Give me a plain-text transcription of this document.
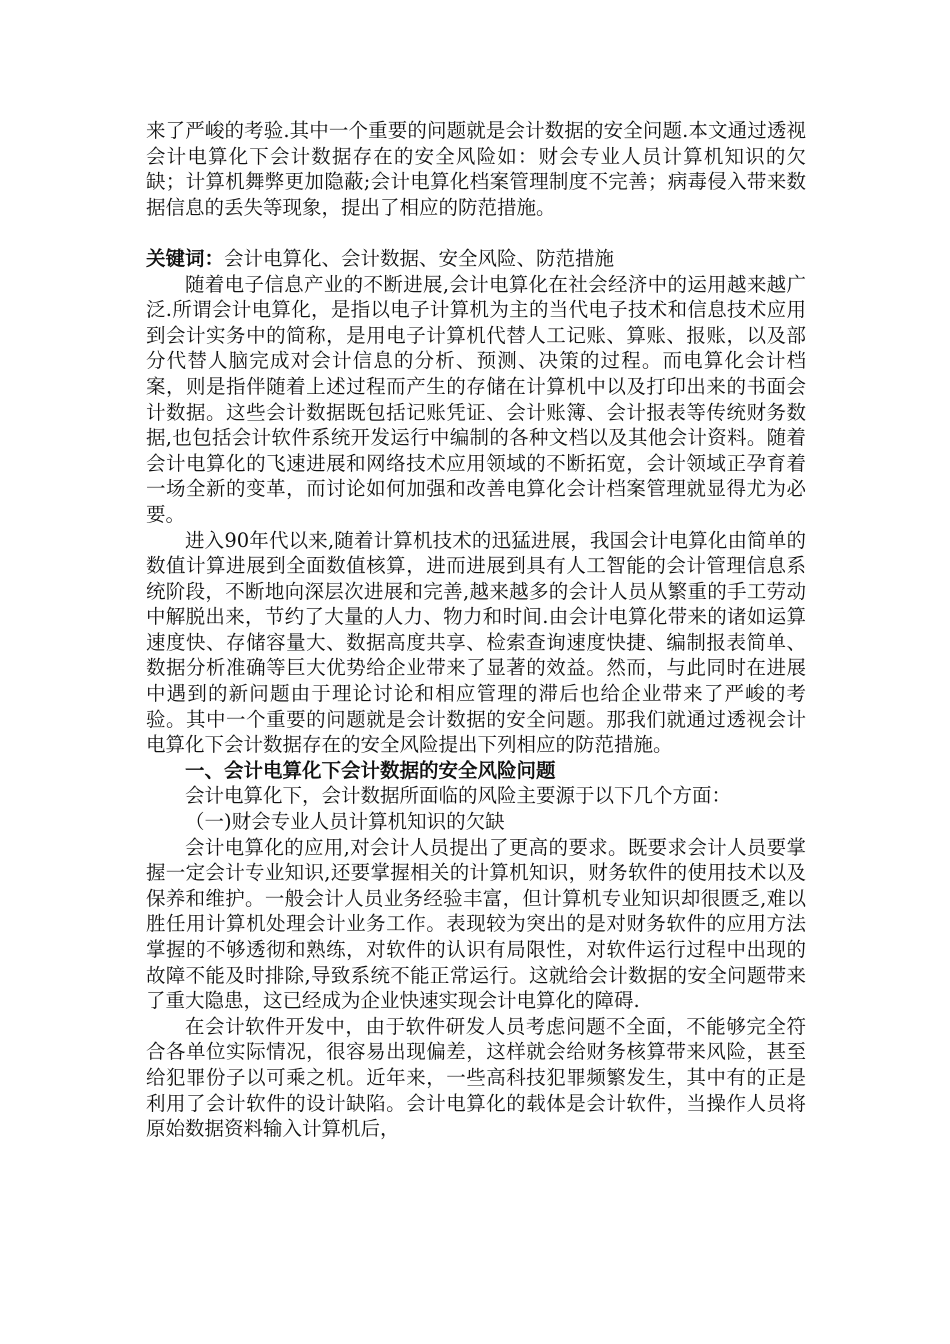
来了严峻的考验.其中一个重要的问题就是会计数据的安全问题.本文通过透视会计电算化下会计数据存在的安全风险如：财会专业人员计算机知识的欠缺；计算机舞弊更加隐蔽;会计电算化档案管理制度不完善；病毒侵入带来数据信息的丢失等现象，提出了相应的防范措施。

关键词：会计电算化、会计数据、安全风险、防范措施

随着电子信息产业的不断进展,会计电算化在社会经济中的运用越来越广泛.所谓会计电算化，是指以电子计算机为主的当代电子技术和信息技术应用到会计实务中的简称，是用电子计算机代替人工记账、算账、报账，以及部分代替人脑完成对会计信息的分析、预测、决策的过程。而电算化会计档案，则是指伴随着上述过程而产生的存储在计算机中以及打印出来的书面会计数据。这些会计数据既包括记账凭证、会计账簿、会计报表等传统财务数据,也包括会计软件系统开发运行中编制的各种文档以及其他会计资料。随着会计电算化的飞速进展和网络技术应用领域的不断拓宽，会计领域正孕育着一场全新的变革，而讨论如何加强和改善电算化会计档案管理就显得尤为必要。

进入90年代以来,随着计算机技术的迅猛进展，我国会计电算化由简单的数值计算进展到全面数值核算，进而进展到具有人工智能的会计管理信息系统阶段，不断地向深层次进展和完善,越来越多的会计人员从繁重的手工劳动中解脱出来，节约了大量的人力、物力和时间.由会计电算化带来的诸如运算速度快、存储容量大、数据高度共享、检索查询速度快捷、编制报表简单、数据分析准确等巨大优势给企业带来了显著的效益。然而，与此同时在进展中遇到的新问题由于理论讨论和相应管理的滞后也给企业带来了严峻的考验。其中一个重要的问题就是会计数据的安全问题。那我们就通过透视会计电算化下会计数据存在的安全风险提出下列相应的防范措施。

一、会计电算化下会计数据的安全风险问题

会计电算化下，会计数据所面临的风险主要源于以下几个方面：

（一)财会专业人员计算机知识的欠缺

会计电算化的应用,对会计人员提出了更高的要求。既要求会计人员要掌握一定会计专业知识,还要掌握相关的计算机知识，财务软件的使用技术以及保养和维护。一般会计人员业务经验丰富，但计算机专业知识却很匮乏,难以胜任用计算机处理会计业务工作。表现较为突出的是对财务软件的应用方法掌握的不够透彻和熟练，对软件的认识有局限性，对软件运行过程中出现的故障不能及时排除,导致系统不能正常运行。这就给会计数据的安全问题带来了重大隐患，这已经成为企业快速实现会计电算化的障碍.

在会计软件开发中，由于软件研发人员考虑问题不全面，不能够完全符合各单位实际情况，很容易出现偏差，这样就会给财务核算带来风险，甚至给犯罪份子以可乘之机。近年来，一些高科技犯罪频繁发生，其中有的正是利用了会计软件的设计缺陷。会计电算化的载体是会计软件，当操作人员将原始数据资料输入计算机后，
